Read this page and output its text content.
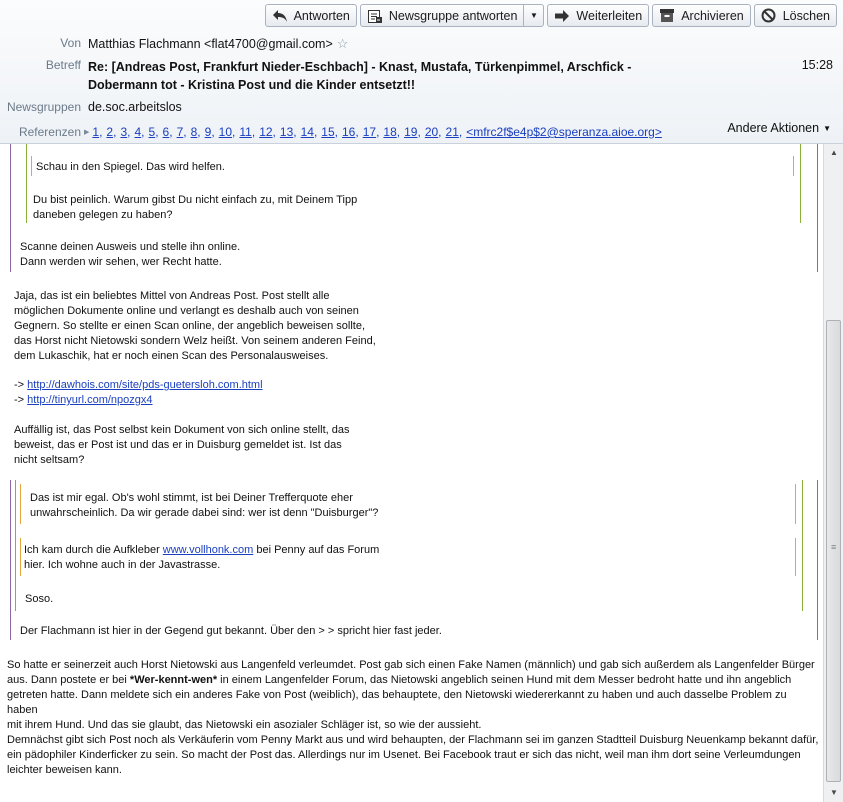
Antworten	Newsgruppe antworten ▼	Weiterleiten	Archivieren	Löschen
Von Matthias Flachmann <flat4700@gmail.com> ☆
Betreff Re: [Andreas Post, Frankfurt Nieder-Eschbach] - Knast, Mustafa, Türkenpimmel, Arschfick - Dobermann tot - Kristina Post und die Kinder entsetzt!!
15:28
Newsgruppen de.soc.arbeitslos
Referenzen ▶ 1, 2, 3, 4, 5, 6, 7, 8, 9, 10, 11, 12, 13, 14, 15, 16, 17, 18, 19, 20, 21, <mfrc2f$e4p$2@speranza.aioe.org>	Andere Aktionen ▼

Schau in den Spiegel. Das wird helfen.

Du bist peinlich. Warum gibst Du nicht einfach zu, mit Deinem Tipp

daneben gelegen zu haben?

Scanne deinen Ausweis und stelle ihn online.

Dann werden wir sehen, wer Recht hatte.

Jaja, das ist ein beliebtes Mittel von Andreas Post. Post stellt alle

möglichen Dokumente online und verlangt es deshalb auch von seinen

Gegnern. So stellte er einen Scan online, der angeblich beweisen sollte,

das Horst nicht Nietowski sondern Welz heißt. Von seinem anderen Feind,

dem Lukaschik, hat er noch einen Scan des Personalausweises.

-> http://dawhois.com/site/pds-guetersloh.com.html

-> http://tinyurl.com/npozgx4

Auffällig ist, das Post selbst kein Dokument von sich online stellt, das

beweist, das er Post ist und das er in Duisburg gemeldet ist. Ist das

nicht seltsam?

Das ist mir egal. Ob's wohl stimmt, ist bei Deiner Trefferquote eher

unwahrscheinlich. Da wir gerade dabei sind: wer ist denn "Duisburger"?

Ich kam durch die Aufkleber www.vollhonk.com bei Penny auf das Forum

hier. Ich wohne auch in der Javastrasse.

Soso.

Der Flachmann ist hier in der Gegend gut bekannt. Über den > > spricht hier fast jeder.

So hatte er seinerzeit auch Horst Nietowski aus Langenfeld verleumdet. Post gab sich einen Fake Namen (männlich) und gab sich außerdem als Langenfelder Bürger

aus. Dann postete er bei *Wer-kennt-wen* in einem Langenfelder Forum, das Nietowski angeblich seinen Hund mit dem Messer bedroht hatte und ihn angeblich

getreten hatte. Dann meldete sich ein anderes Fake von Post (weiblich), das behauptete, den Nietowski wiedererkannt zu haben und auch dasselbe Problem zu haben

mit ihrem Hund. Und das sie glaubt, das Nietowski ein asozialer Schläger ist, so wie der aussieht.

Demnächst gibt sich Post noch als Verkäuferin vom Penny Markt aus und wird behaupten, der Flachmann sei im ganzen Stadtteil Duisburg Neuenkamp bekannt dafür,

ein pädophiler Kinderficker zu sein. So macht der Post das. Allerdings nur im Usenet. Bei Facebook traut er sich das nicht, weil man ihm dort seine Verleumdungen

leichter beweisen kann.

▲
≡
▼
